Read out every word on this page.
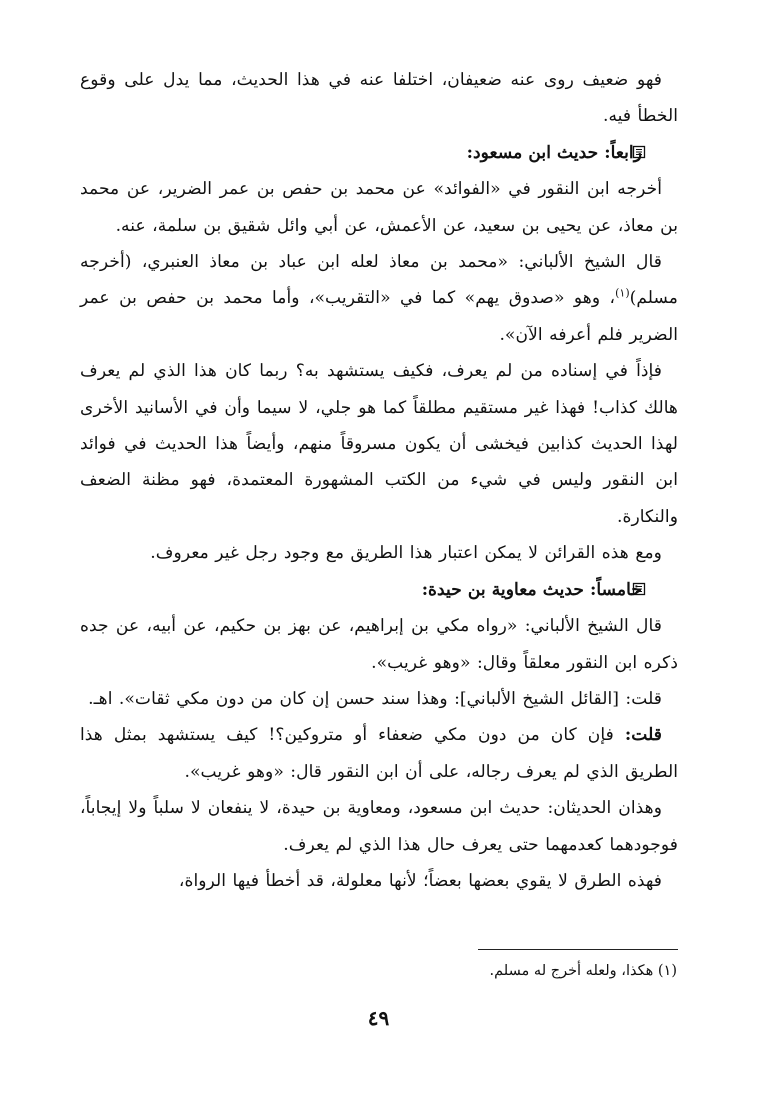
فهو ضعيف روى عنه ضعيفان، اختلفا عنه في هذا الحديث، مما يدل على وقوع الخطأ فيه.

رابعاً: حديث ابن مسعود:

أخرجه ابن النقور في «الفوائد» عن محمد بن حفص بن عمر الضرير، عن محمد بن معاذ، عن يحيى بن سعيد، عن الأعمش، عن أبي وائل شقيق بن سلمة، عنه.

قال الشيخ الألباني: «محمد بن معاذ لعله ابن عباد بن معاذ العنبري، (أخرجه مسلم)$^{(١)}$، وهو «صدوق يهم» كما في «التقريب»، وأما محمد بن حفص بن عمر الضرير فلم أعرفه الآن».

فإذاً في إسناده من لم يعرف، فكيف يستشهد به؟ ربما كان هذا الذي لم يعرف هالك كذاب! فهذا غير مستقيم مطلقاً كما هو جلي، لا سيما وأن في الأسانيد الأخرى لهذا الحديث كذابين فيخشى أن يكون مسروقاً منهم، وأيضاً هذا الحديث في فوائد ابن النقور وليس في شيء من الكتب المشهورة المعتمدة، فهو مظنة الضعف والنكارة.

ومع هذه القرائن لا يمكن اعتبار هذا الطريق مع وجود رجل غير معروف.

خامساً: حديث معاوية بن حيدة:

قال الشيخ الألباني: «رواه مكي بن إبراهيم، عن بهز بن حكيم، عن أبيه، عن جده ذكره ابن النقور معلقاً وقال: «وهو غريب».

قلت: [القائل الشيخ الألباني]: وهذا سند حسن إن كان من دون مكي ثقات». اهـ.

قلت: فإن كان من دون مكي ضعفاء أو متروكين؟! كيف يستشهد بمثل هذا الطريق الذي لم يعرف رجاله، على أن ابن النقور قال: «وهو غريب».

وهذان الحديثان: حديث ابن مسعود، ومعاوية بن حيدة، لا ينفعان لا سلباً ولا إيجاباً، فوجودهما كعدمهما حتى يعرف حال هذا الذي لم يعرف.

فهذه الطرق لا يقوي بعضها بعضاً؛ لأنها معلولة، قد أخطأ فيها الرواة،

(١) هكذا، ولعله أخرج له مسلم.
٤٩
